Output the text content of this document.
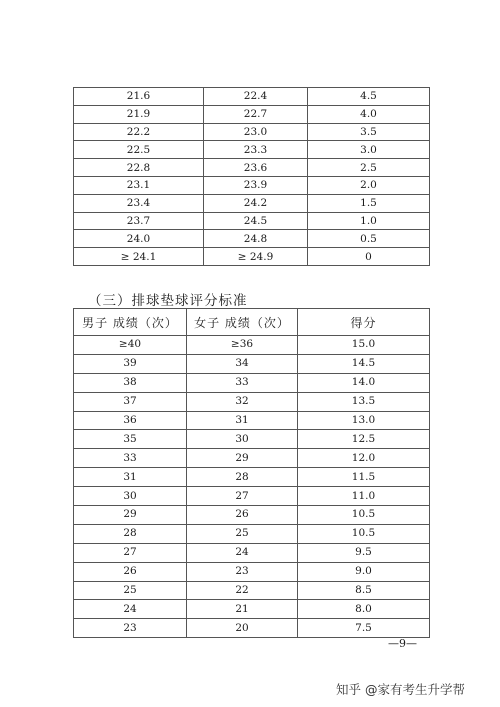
21.6	22.4	4.5
21.9	22.7	4.0
22.2	23.0	3.5
22.5	23.3	3.0
22.8	23.6	2.5
23.1	23.9	2.0
23.4	24.2	1.5
23.7	24.5	1.0
24.0	24.8	0.5
≥ 24.1	≥ 24.9	0
（三）排球垫球评分标准
男子 成绩（次）	女子 成绩（次）	得分
≥40	≥36	15.0
39	34	14.5
38	33	14.0
37	32	13.5
36	31	13.0
35	30	12.5
33	29	12.0
31	28	11.5
30	27	11.0
29	26	10.5
28	25	10.5
27	24	9.5
26	23	9.0
25	22	8.5
24	21	8.0
23	20	7.5
—9—
知乎 @家有考生升学帮
